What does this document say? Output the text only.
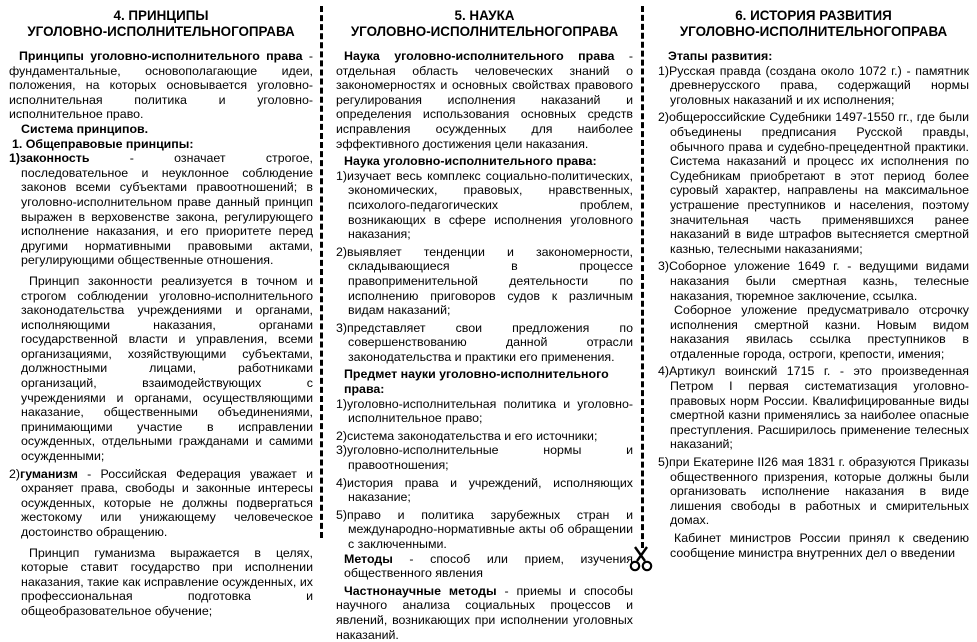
4. ПРИНЦИПЫ
УГОЛОВНО-ИСПОЛНИТЕЛЬНОГОПРАВА
Принципы уголовно-исполнительного права - фундаментальные, основополагающие идеи, положения, на которых основывается уголовно-исполнительная политика и уголовно-исполнительное право.
Система принципов.
1. Общеправовые принципы:
1)законность - означает строгое, последовательное и неуклонное соблюдение законов всеми субъектами правоотношений; в уголовно-исполнительном праве данный принцип выражен в верховенстве закона, регулирующего исполнение наказания, и его приоритете перед другими нормативными правовыми актами, регулирующими общественные отношения.
Принцип законности реализуется в точном и строгом соблюдении уголовно-исполнительного законодательства учреждениями и органами, исполняющими наказания, органами государственной власти и управления, всеми организациями, хозяйствующими субъектами, должностными лицами, работниками организаций, взаимодействующих с учреждениями и органами, осуществляющими наказание, общественными объединениями, принимающими участие в исправлении осужденных, отдельными гражданами и самими осужденными;
2)гуманизм - Российская Федерация уважает и охраняет права, свободы и законные интересы осужденных, которые не должны подвергаться жестокому или унижающему человеческое достоинство обращению.
Принцип гуманизма выражается в целях, которые ставит государство при исполнении наказания, такие как исправление осужденных, их профессиональная подготовка и общеобразовательное обучение;
5. НАУКА
УГОЛОВНО-ИСПОЛНИТЕЛЬНОГОПРАВА
Наука уголовно-исполнительного права - отдельная область человеческих знаний о закономерностях и основных свойствах правового регулирования исполнения наказаний и определения использования основных средств исправления осужденных для наиболее эффективного достижения цели наказания.
Наука уголовно-исполнительного права:
1)изучает весь комплекс социально-политических, экономических, правовых, нравственных, психолого-педагогических проблем, возникающих в сфере исполнения уголовного наказания;
2)выявляет тенденции и закономерности, складывающиеся в процессе правоприменительной деятельности по исполнению приговоров судов к различным видам наказаний;
3)представляет свои предложения по совершенствованию данной отрасли законодательства и практики его применения.
Предмет науки уголовно-исполнительного права:
1)уголовно-исполнительная политика и уголовно-исполнительное право;
2)система законодательства и его источники;
3)уголовно-исполнительные нормы и правоотношения;
4)история права и учреждений, исполняющих наказание;
5)право и политика зарубежных стран и международно-нормативные акты об обращении с заключенными.
Методы - способ или прием, изучения общественного явления
Частнонаучные методы - приемы и способы научного анализа социальных процессов и явлений, возникающих при исполнении уголовных наказаний.
6. ИСТОРИЯ РАЗВИТИЯ
УГОЛОВНО-ИСПОЛНИТЕЛЬНОГОПРАВА
Этапы развития:
1)Русская правда (создана около 1072 г.) - памятник древнерусского права, содержащий нормы уголовных наказаний и их исполнения;
2)общероссийские Судебники 1497-1550 гг., где были объединены предписания Русской правды, обычного права и судебно-прецедентной практики. Система наказаний и процесс их исполнения по Судебникам приобретают в этот период более суровый характер, направлены на максимальное устрашение преступников и населения, поэтому значительная часть применявшихся ранее наказаний в виде штрафов вытесняется смертной казнью, телесными наказаниями;
3)Соборное уложение 1649 г. - ведущими видами наказания были смертная казнь, телесные наказания, тюремное заключение, ссылка.
Соборное уложение предусматривало отсрочку исполнения смертной казни. Новым видом наказания явилась ссылка преступников в отдаленные города, остроги, крепости, имения;
4)Артикул воинский 1715 г. - это произведенная Петром I первая систематизация уголовно-правовых норм России. Квалифицированные виды смертной казни применялись за наиболее опасные преступления. Расширилось применение телесных наказаний;
5)при Екатерине II26 мая 1831 г. образуются Приказы общественного призрения, которые должны были организовать исполнение наказания в виде лишения свободы в работных и смирительных домах.
Кабинет министров России принял к сведению сообщение министра внутренних дел о введении
